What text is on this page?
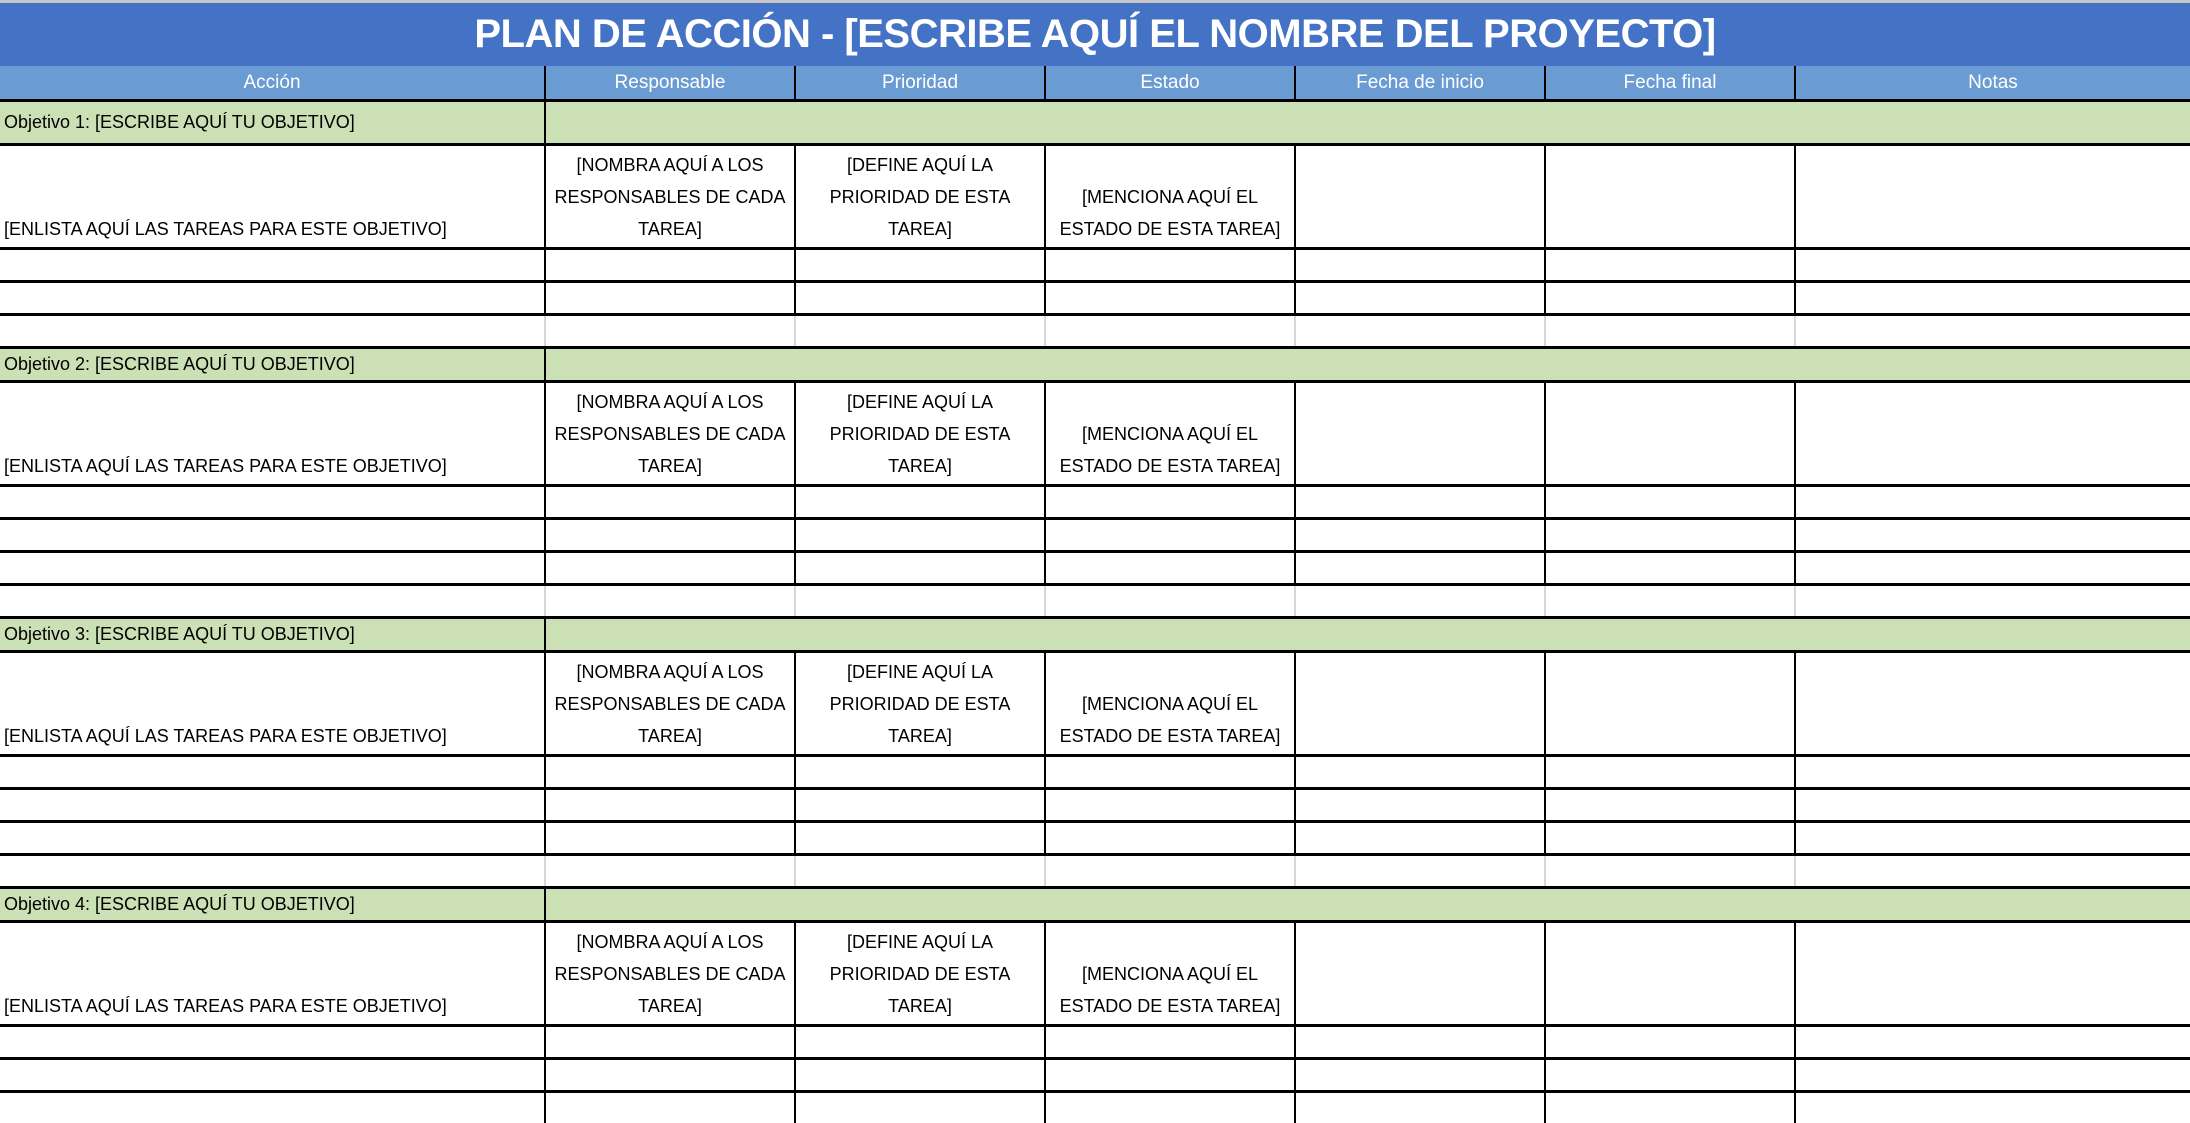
PLAN DE ACCIÓN - [ESCRIBE AQUÍ EL NOMBRE DEL PROYECTO]
Acción	Responsable	Prioridad	Estado	Fecha de inicio	Fecha final	Notas
Objetivo 1: [ESCRIBE AQUÍ TU OBJETIVO]						
[ENLISTA AQUÍ LAS TAREAS PARA ESTE OBJETIVO]	[NOMBRA AQUÍ A LOS RESPONSABLES DE CADA TAREA]	[DEFINE AQUÍ LA PRIORIDAD DE ESTA TAREA]	[MENCIONA AQUÍ EL ESTADO DE ESTA TAREA]			

Objetivo 2: [ESCRIBE AQUÍ TU OBJETIVO]						
[ENLISTA AQUÍ LAS TAREAS PARA ESTE OBJETIVO]	[NOMBRA AQUÍ A LOS RESPONSABLES DE CADA TAREA]	[DEFINE AQUÍ LA PRIORIDAD DE ESTA TAREA]	[MENCIONA AQUÍ EL ESTADO DE ESTA TAREA]			

Objetivo 3: [ESCRIBE AQUÍ TU OBJETIVO]						
[ENLISTA AQUÍ LAS TAREAS PARA ESTE OBJETIVO]	[NOMBRA AQUÍ A LOS RESPONSABLES DE CADA TAREA]	[DEFINE AQUÍ LA PRIORIDAD DE ESTA TAREA]	[MENCIONA AQUÍ EL ESTADO DE ESTA TAREA]			

Objetivo 4: [ESCRIBE AQUÍ TU OBJETIVO]						
[ENLISTA AQUÍ LAS TAREAS PARA ESTE OBJETIVO]	[NOMBRA AQUÍ A LOS RESPONSABLES DE CADA TAREA]	[DEFINE AQUÍ LA PRIORIDAD DE ESTA TAREA]	[MENCIONA AQUÍ EL ESTADO DE ESTA TAREA]			
